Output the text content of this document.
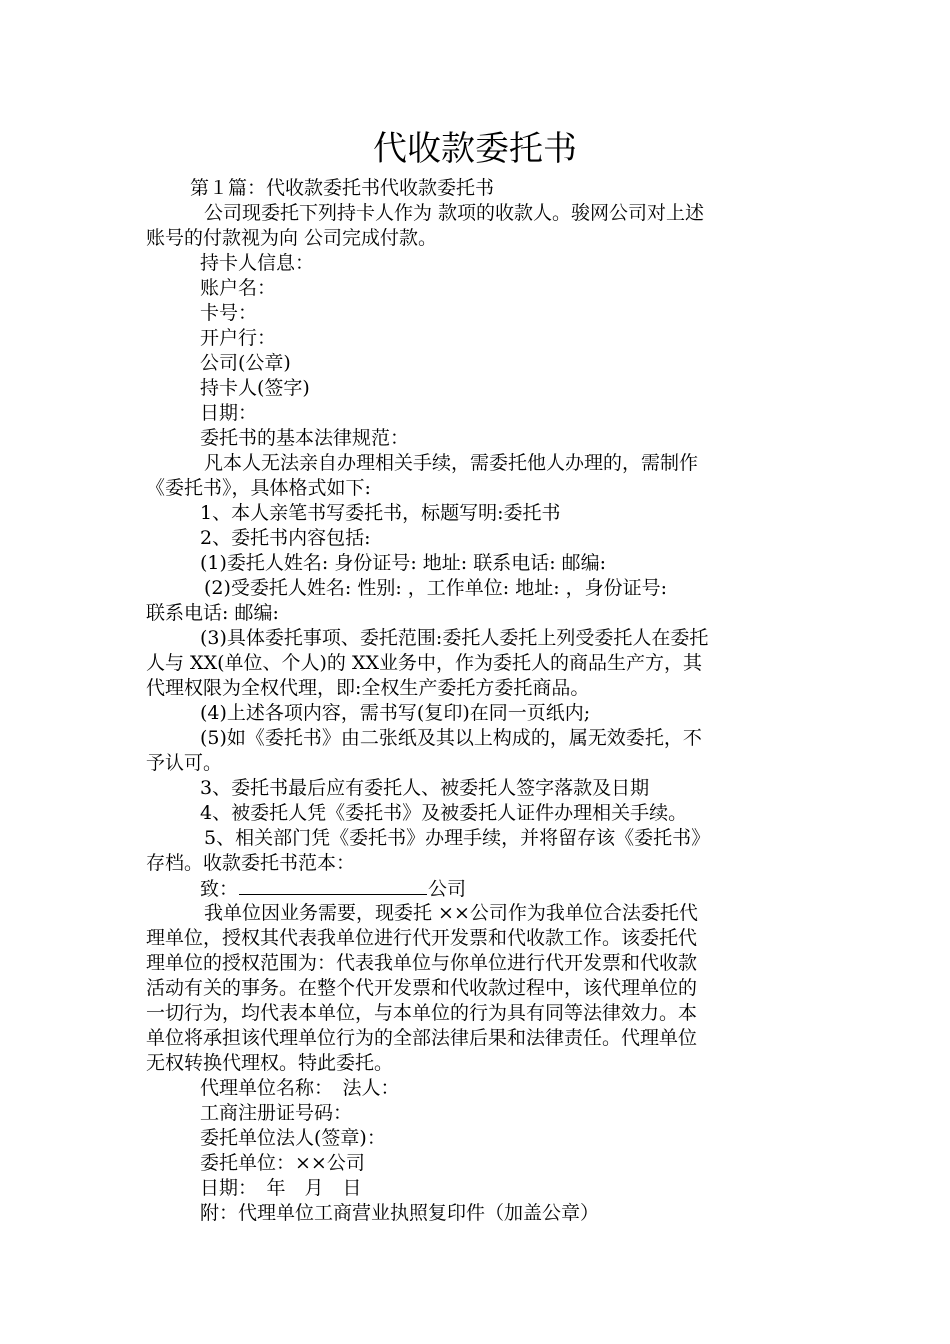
代收款委托书
第１篇：代收款委托书代收款委托书
公司现委托下列持卡人作为 款项的收款人。骏网公司对上述
账号的付款视为向 公司完成付款。
持卡人信息：
账户名：
卡号：
开户行：
公司(公章)
持卡人(签字)
日期：
委托书的基本法律规范：
凡本人无法亲自办理相关手续，需委托他人办理的，需制作
《委托书》，具体格式如下:
1、本人亲笔书写委托书，标题写明:委托书
2、委托书内容包括:
(1)委托人姓名: 身份证号: 地址: 联系电话: 邮编:
(2)受委托人姓名: 性别: ，工作单位: 地址: ，身份证号:
联系电话: 邮编:
(3)具体委托事项、委托范围:委托人委托上列受委托人在委托
人与 XX(单位、个人)的 XX业务中，作为委托人的商品生产方，其
代理权限为全权代理，即:全权生产委托方委托商品。
(4)上述各项内容，需书写(复印)在同一页纸内;
(5)如《委托书》由二张纸及其以上构成的，属无效委托，不
予认可。
3、委托书最后应有委托人、被委托人签字落款及日期
4、被委托人凭《委托书》及被委托人证件办理相关手续。
5、相关部门凭《委托书》办理手续，并将留存该《委托书》
存档。收款委托书范本：
致：	公司
我单位因业务需要，现委托 ××公司作为我单位合法委托代
理单位，授权其代表我单位进行代开发票和代收款工作。该委托代
理单位的授权范围为：代表我单位与你单位进行代开发票和代收款
活动有关的事务。在整个代开发票和代收款过程中，该代理单位的
一切行为，均代表本单位，与本单位的行为具有同等法律效力。本
单位将承担该代理单位行为的全部法律后果和法律责任。代理单位
无权转换代理权。特此委托。
代理单位名称：　法人：
工商注册证号码：
委托单位法人(签章)：
委托单位：××公司
日期：　年　月　日
附：代理单位工商营业执照复印件（加盖公章）
